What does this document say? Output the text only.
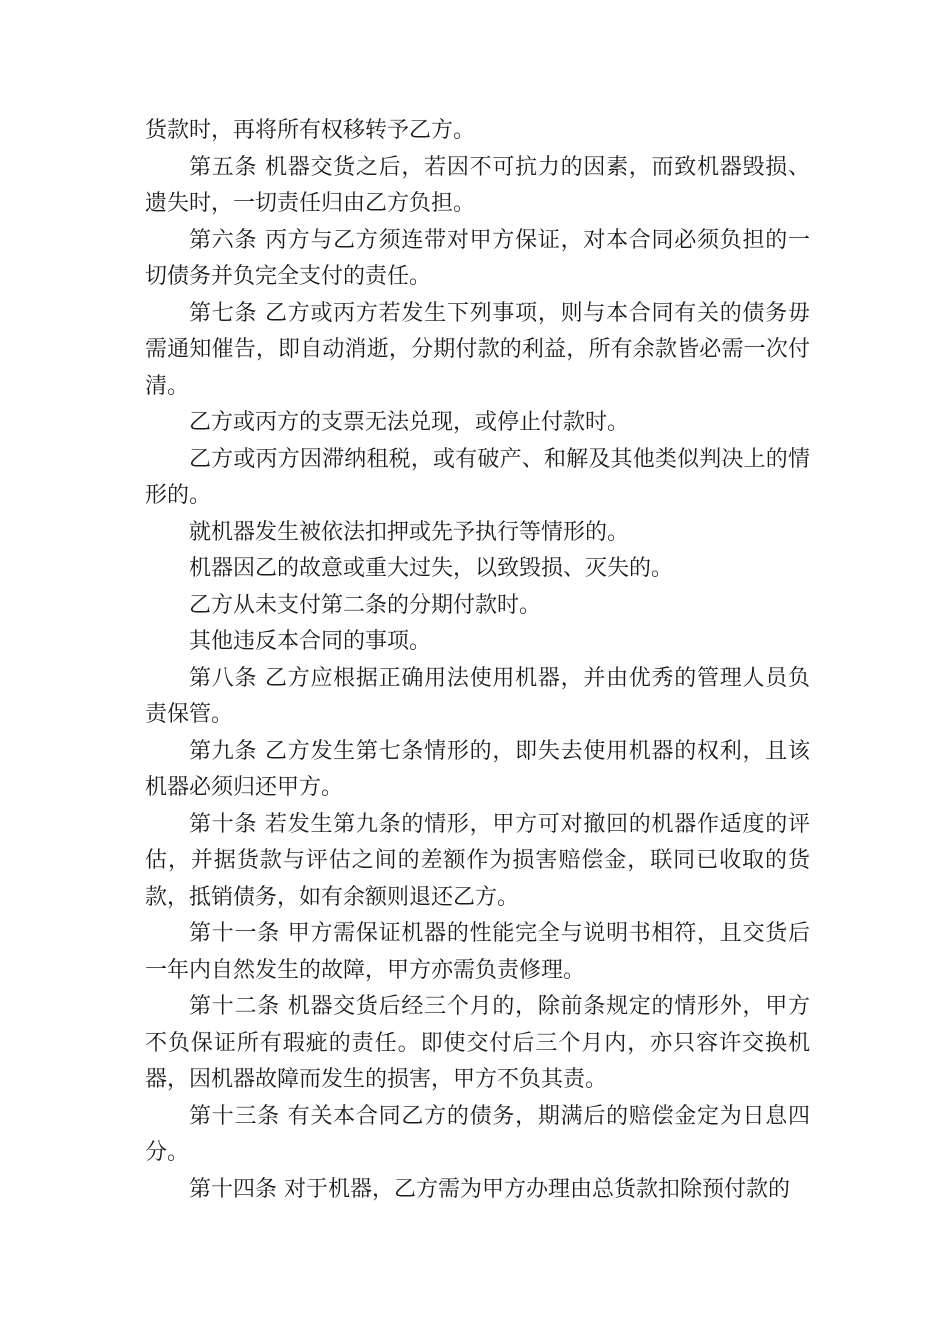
货款时，再将所有权移转予乙方。

第五条 机器交货之后，若因不可抗力的因素，而致机器毁损、遗失时，一切责任归由乙方负担。

第六条 丙方与乙方须连带对甲方保证，对本合同必须负担的一切债务并负完全支付的责任。

第七条 乙方或丙方若发生下列事项，则与本合同有关的债务毋需通知催告，即自动消逝，分期付款的利益，所有余款皆必需一次付清。

乙方或丙方的支票无法兑现，或停止付款时。

乙方或丙方因滞纳租税，或有破产、和解及其他类似判决上的情形的。

就机器发生被依法扣押或先予执行等情形的。

机器因乙的故意或重大过失，以致毁损、灭失的。

乙方从未支付第二条的分期付款时。

其他违反本合同的事项。

第八条 乙方应根据正确用法使用机器，并由优秀的管理人员负责保管。

第九条 乙方发生第七条情形的，即失去使用机器的权利，且该机器必须归还甲方。

第十条 若发生第九条的情形，甲方可对撤回的机器作适度的评估，并据货款与评估之间的差额作为损害赔偿金，联同已收取的货款，抵销债务，如有余额则退还乙方。

第十一条 甲方需保证机器的性能完全与说明书相符，且交货后一年内自然发生的故障，甲方亦需负责修理。

第十二条 机器交货后经三个月的，除前条规定的情形外，甲方不负保证所有瑕疵的责任。即使交付后三个月内，亦只容许交换机器，因机器故障而发生的损害，甲方不负其责。

第十三条 有关本合同乙方的债务，期满后的赔偿金定为日息四分。

第十四条 对于机器，乙方需为甲方办理由总货款扣除预付款的
